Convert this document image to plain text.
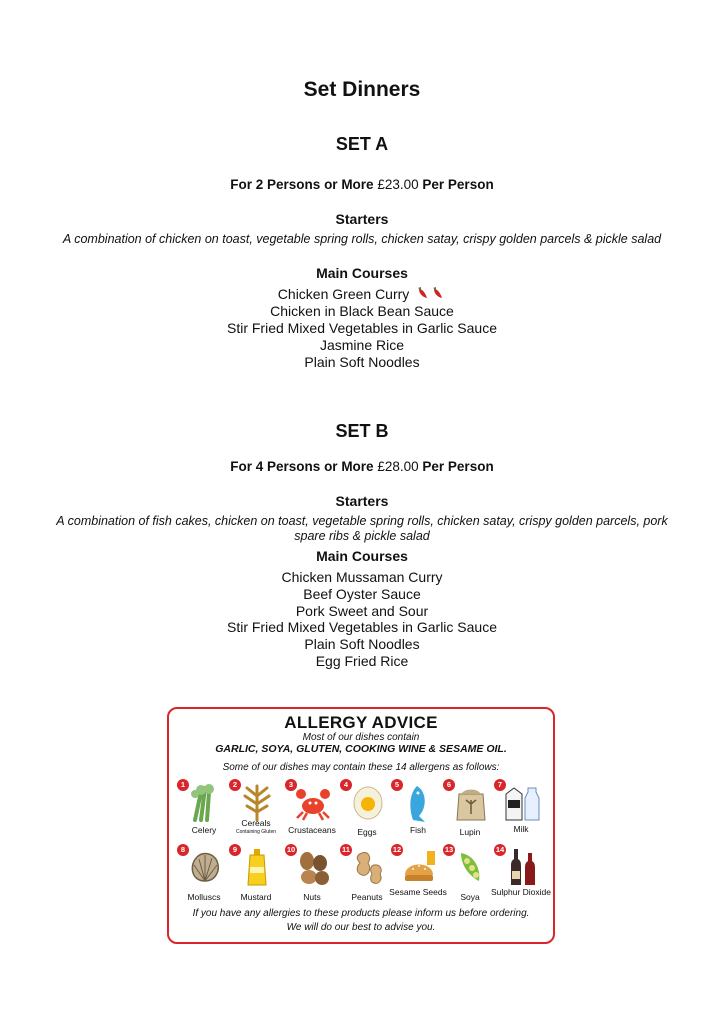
Set Dinners
SET A
For 2 Persons or More £23.00 Per Person
Starters
A combination of chicken on toast, vegetable spring rolls, chicken satay, crispy golden parcels & pickle salad
Main Courses
Chicken Green Curry
Chicken in Black Bean Sauce
Stir Fried Mixed Vegetables in Garlic Sauce
Jasmine Rice
Plain Soft Noodles
SET B
For 4 Persons or More £28.00 Per Person
Starters
A combination of fish cakes, chicken on toast, vegetable spring rolls, chicken satay, crispy golden parcels, pork spare ribs & pickle salad
Main Courses
Chicken Mussaman Curry
Beef Oyster Sauce
Pork Sweet and Sour
Stir Fried Mixed Vegetables in Garlic Sauce
Plain Soft Noodles
Egg Fried Rice
ALLERGY ADVICE
Most of our dishes contain
GARLIC, SOYA, GLUTEN, COOKING WINE & SESAME OIL.
Some of our dishes may contain these 14 allergens as follows:
1
Celery
2
Cereals
Containing Gluten
3
Crustaceans
4
Eggs
5
Fish
6
Lupin
7
Milk
8
Molluscs
9
Mustard
10
Nuts
11
Peanuts
12
Sesame Seeds
13
Soya
14
Sulphur Dioxide
If you have any allergies to these products please inform us before ordering.
We will do our best to advise you.
